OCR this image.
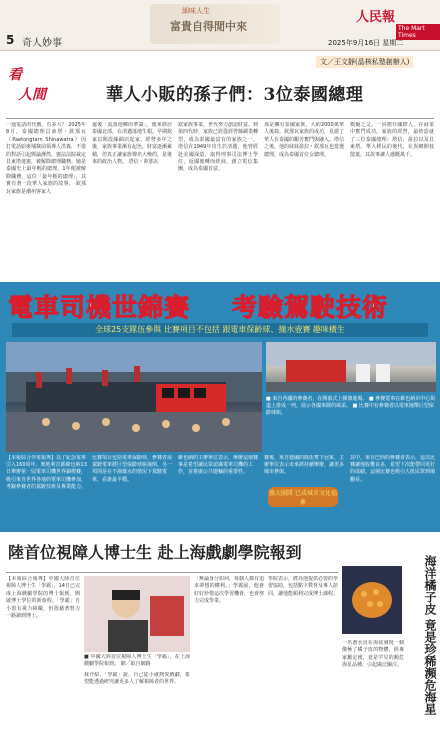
5 奇人妙事
細味人生
富貴自得閒中來
人民報
The Mart Times
2025年9月16日 星期二
看
人間
文／王文靜(晶核私塾創辦人)
華人小販的孫子們：3位泰國總理
一通電話的代價，有多大？ 2025年8月，泰國總理貝東塔・欽那瓦（Paetongtarn Shinawatra）因打電話給柬埔寨前領導人洪森，不當的對話引起輿論譁然，憲法法院裁定貝東塔違憲，被解除總理職務。她是泰國史上最年輕的總理，1年便被解除職務，這位「最年輕的總理」，其實有著一段華人家族的故事。 欽那瓦家族是潮州客家人
還後「流落他鄉的華裔」，後來移居泰國北部，在清邁落地生根。早期欽家以開設絲綢店起家，經營多年之後，家族事業漸有起色，財富逐漸累積，但真正讓家族聲名大噪的，是後來的政治人物。 塔信・欽那瓦
欽家族事業，世代努力創造財富。到第四代時，家族已經從經營絲綢業轉型，成為泰國最富有的家族之一。 塔信在1949年出生於清邁，他曾經赴美國深造，取得刑事司法博士學位，返國後轉而經商，創立電信集團，成為泰國首富。
那是擁有泰國家族，大約2000萬華人後裔。欽那瓦家族的成功，見證了華人在泰國的艱苦奮鬥與融入。塔信之後，他的妹妹盈拉・欽那瓦也當選總理，成為泰國首位女總理。
模擬之父，一同擔任國際人，在商業中奮鬥成功。家族的經營，最終造就了三位泰國總理：塔信、盈拉以及貝東塔。華人移民的後代，在異鄉開枝散葉，其故事讓人感慨萬千。
電車司機世錦賽 考驗駕駛技術
全球25支隊伍參與 比賽項目不包括 跟電車保齡球、撞水壺賽 趣味橫生
■ 來自各國的參賽者，在開幕式上揮旗進場。 ■ 參賽電車在維也納市中心街道上排成一列，展示各國車隊的風采。 ■ 比賽中有參賽者以電車撞擊巨型保齡球瓶。
【本報綜合外電報導】為了紀念電車引入160周年，奧地利首都維也納13日舉辦第一屆電車司機世界錦標賽，吸引來自世界各地的電車司機參加，考驗參賽者的駕駛技術及專業能力。
比賽項目包括電車保齡球，參賽者需駕駛電車將巨型保齡球瓶撞倒，另一項則是在不潑灑水的情況下駕駛電車，看誰最平穩。
維也納的主辦單位表示，舉辦這場賽事是希望讓民眾認識電車司機的工作，並推廣公共運輸的重要性。
賽後，來自德國的隊伍奪下冠軍，主辦單位表示未來將持續舉辦，讓更多城市參與。
其中，來自巴西的參賽者表示，這次比賽讓他收穫良多，希望下次能帶回更好的成績。這場比賽也吸引大批民眾到場觀看。
強大團隊 已成城市文化福象
陸首位視障人博士生 赴上海戲劇學院報到
【本報綜合報導】中國大陸首位視障人博士生「學霸」，14日已完成上海戲劇學院的博士報到，開啟博士學位的新旅程。「學霸」自小患有視力障礙，但憑藉著努力一路讀到博士。
■ 中國大陸首位視障人博士生「學霸」，在上海戲劇學院報到。 網／取自網路
我介紹，「學霸」說，自己從小就熱愛戲劇，希望能透過研究讓更多人了解視障者的世界。
「無論身分如何，每個人都有追求夢想的權利。」學霸說，他會好好珍惜這次學習機會，也會努力完成學業。
學院表示，將為他提供必要的學習協助，包括點字教材及專人陪同，讓他能順利完成博士課程。	海洋橘子皮 竟是珍稀瀕危海星
一名潛水員在海底發現一個像極了橘子皮的物體，經專家鑑定後，竟是罕見的瀕危海星品種，引起廣泛關注。
